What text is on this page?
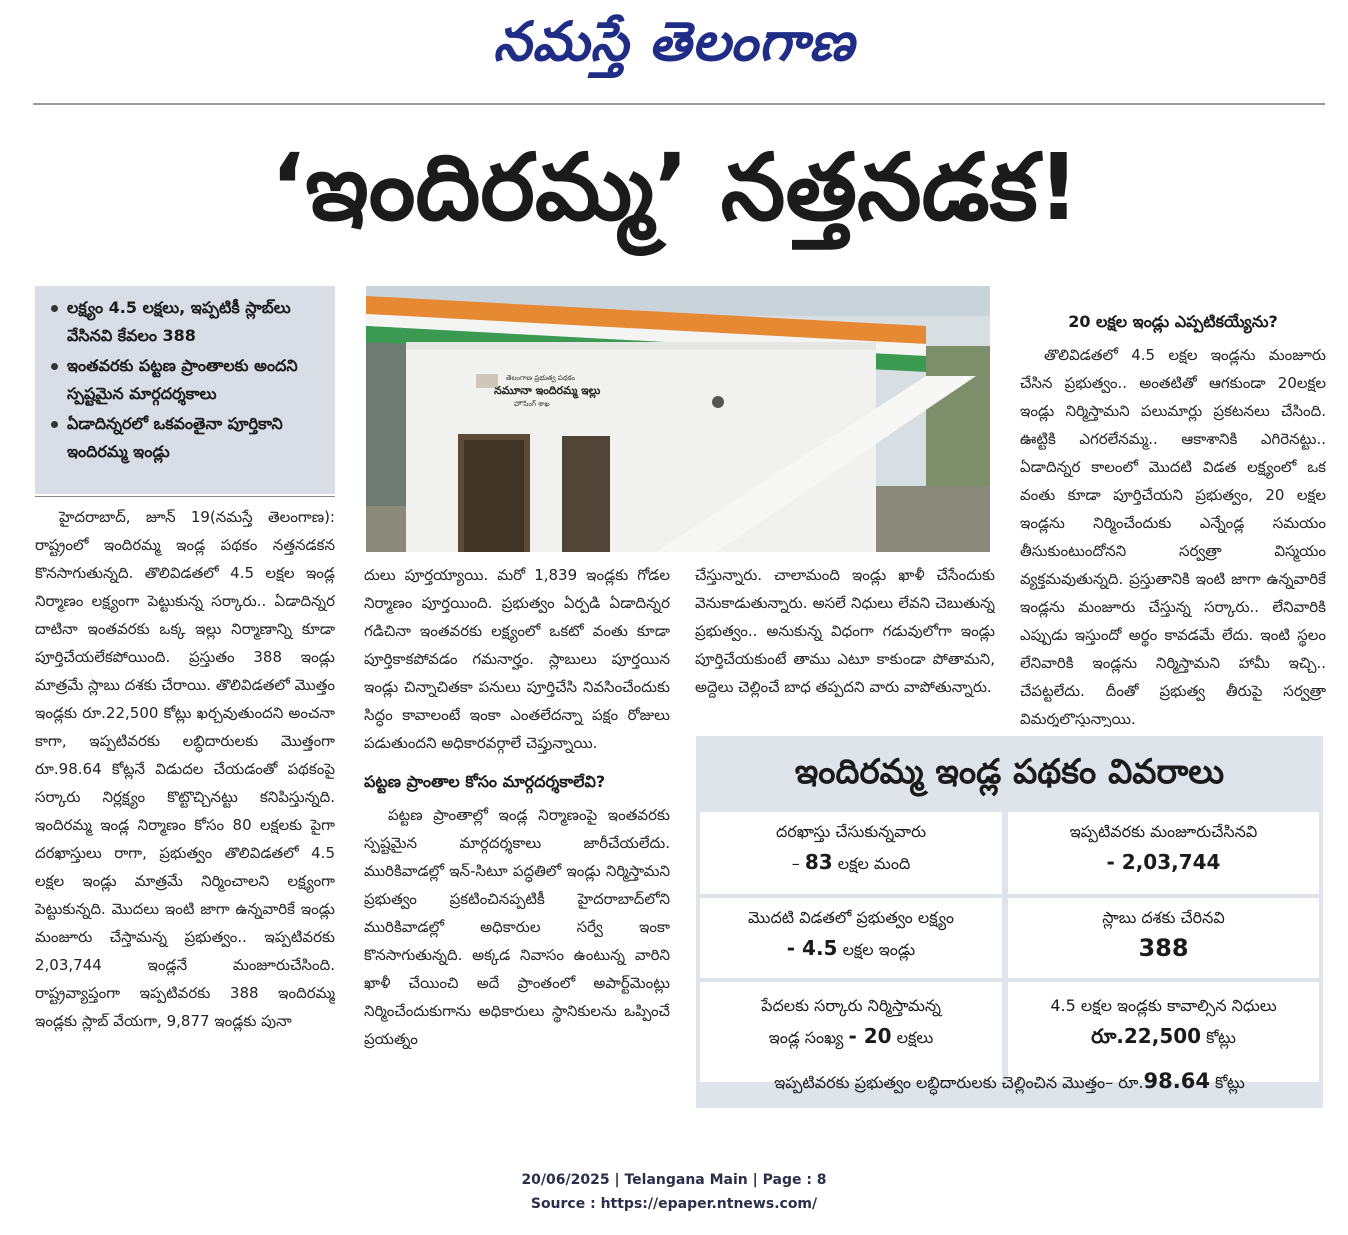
నమస్తే తెలంగాణ
‘ఇందిరమ్మ’ నత్తనడక!
లక్ష్యం 4.5 లక్షలు, ఇప్పటికీ స్లాబ్‌లు వేసినవి కేవలం 388
ఇంతవరకు పట్టణ ప్రాంతాలకు అందని స్పష్టమైన మార్గదర్శకాలు
ఏడాదిన్నరలో ఒకవంతైనా పూర్తికాని ఇందిరమ్మ ఇండ్లు
తెలంగాణ ప్రభుత్వ పథకం
నమూనా ఇందిరమ్మ ఇల్లు
హౌసింగ్ శాఖ

హైదరాబాద్, జూన్ 19(నమస్తే తెలంగాణ): రాష్ట్రంలో ఇందిరమ్మ ఇండ్ల పథకం నత్తనడకన కొనసాగుతున్నది. తొలివిడతలో 4.5 లక్షల ఇండ్ల నిర్మాణం లక్ష్యంగా పెట్టుకున్న సర్కారు.. ఏడాదిన్నర దాటినా ఇంతవరకు ఒక్క ఇల్లు నిర్మాణాన్ని కూడా పూర్తిచేయలేకపోయింది. ప్రస్తుతం 388 ఇండ్లు మాత్రమే స్లాబు దశకు చేరాయి. తొలివిడతలో మొత్తం ఇండ్లకు రూ.22,500 కోట్లు ఖర్చవుతుందని అంచనా కాగా, ఇప్పటివరకు లబ్ధిదారులకు మొత్తంగా రూ.98.64 కోట్లనే విడుదల చేయడంతో పథకంపై సర్కారు నిర్లక్ష్యం కొట్టొచ్చినట్టు కనిపిస్తున్నది. ఇందిరమ్మ ఇండ్ల నిర్మాణం కోసం 80 లక్షలకు పైగా దరఖాస్తులు రాగా, ప్రభుత్వం తొలివిడతలో 4.5 లక్షల ఇండ్లు మాత్రమే నిర్మించాలని లక్ష్యంగా పెట్టుకున్నది. మొదలు ఇంటి జాగా ఉన్నవారికే ఇండ్లు మంజూరు చేస్తామన్న ప్రభుత్వం.. ఇప్పటివరకు 2,03,744 ఇండ్లనే మంజూరుచేసింది. రాష్ట్రవ్యాప్తంగా ఇప్పటివరకు 388 ఇందిరమ్మ ఇండ్లకు స్లాబ్ వేయగా, 9,877 ఇండ్లకు పునా

దులు పూర్తయ్యాయి. మరో 1,839 ఇండ్లకు గోడల నిర్మాణం పూర్తయింది. ప్రభుత్వం ఏర్పడి ఏడాదిన్నర గడిచినా ఇంతవరకు లక్ష్యంలో ఒకటో వంతు కూడా పూర్తికాకపోవడం గమనార్హం. స్లాబులు పూర్తయిన ఇండ్లు చిన్నాచితకా పనులు పూర్తిచేసి నివసించేందుకు సిద్ధం కావాలంటే ఇంకా ఎంతలేదన్నా పక్షం రోజులు పడుతుందని అధికారవర్గాలే చెప్తున్నాయి.

పట్టణ ప్రాంతాల కోసం మార్గదర్శకాలేవి?

పట్టణ ప్రాంతాల్లో ఇండ్ల నిర్మాణంపై ఇంతవరకు స్పష్టమైన మార్గదర్శకాలు జారీచేయలేదు. మురికివాడల్లో ఇన్-సిటూ పద్ధతిలో ఇండ్లు నిర్మిస్తామని ప్రభుత్వం ప్రకటించినప్పటికీ హైదరాబాద్‌లోని మురికివాడల్లో అధికారుల సర్వే ఇంకా కొనసాగుతున్నది. అక్కడ నివాసం ఉంటున్న వారిని ఖాళీ చేయించి అదే ప్రాంతంలో అపార్ట్‌మెంట్లు నిర్మించేందుకుగాను అధికారులు స్థానికులను ఒప్పించే ప్రయత్నం

చేస్తున్నారు. చాలామంది ఇండ్లు ఖాళీ చేసేందుకు వెనుకాడుతున్నారు. అసలే నిధులు లేవని చెబుతున్న ప్రభుత్వం.. అనుకున్న విధంగా గడువులోగా ఇండ్లు పూర్తిచేయకుంటే తాము ఎటూ కాకుండా పోతామని, అద్దెలు చెల్లించే బాధ తప్పదని వారు వాపోతున్నారు.

20 లక్షల ఇండ్లు ఎప్పటికయ్యేను?

తొలివిడతలో 4.5 లక్షల ఇండ్లను మంజూరు చేసిన ప్రభుత్వం.. అంతటితో ఆగకుండా 20లక్షల ఇండ్లు నిర్మిస్తామని పలుమార్లు ప్రకటనలు చేసింది. ఊట్టికి ఎగరలేనమ్మ.. ఆకాశానికి ఎగిరెనట్టు.. ఏడాదిన్నర కాలంలో మొదటి విడత లక్ష్యంలో ఒక వంతు కూడా పూర్తిచేయని ప్రభుత్వం, 20 లక్షల ఇండ్లను నిర్మించేందుకు ఎన్నేండ్ల సమయం తీసుకుంటుందోనని సర్వత్రా విస్మయం వ్యక్తమవుతున్నది. ప్రస్తుతానికి ఇంటి జాగా ఉన్నవారికే ఇండ్లను మంజూరు చేస్తున్న సర్కారు.. లేనివారికి ఎప్పుడు ఇస్తుందో అర్థం కావడమే లేదు. ఇంటి స్థలం లేనివారికి ఇండ్లను నిర్మిస్తామని హామీ ఇచ్చి.. చేపట్టలేదు. దీంతో ప్రభుత్వ తీరుపై సర్వత్రా విమర్శలొస్తున్నాయి.

ఇందిరమ్మ ఇండ్ల పథకం వివరాలు
దరఖాస్తు చేసుకున్నవారు
– 83 లక్షల మంది
ఇప్పటివరకు మంజూరుచేసినవి
- 2,03,744
మొదటి విడతలో ప్రభుత్వం లక్ష్యం
- 4.5 లక్షల ఇండ్లు
స్లాబు దశకు చేరినవి
388
పేదలకు సర్కారు నిర్మిస్తామన్న
ఇండ్ల సంఖ్య - 20 లక్షలు
4.5 లక్షల ఇండ్లకు కావాల్సిన నిధులు
రూ.22,500 కోట్లు
ఇప్పటివరకు ప్రభుత్వం లబ్ధిదారులకు చెల్లించిన మొత్తం– రూ.98.64 కోట్లు
20/06/2025 | Telangana Main | Page : 8
Source : https://epaper.ntnews.com/
